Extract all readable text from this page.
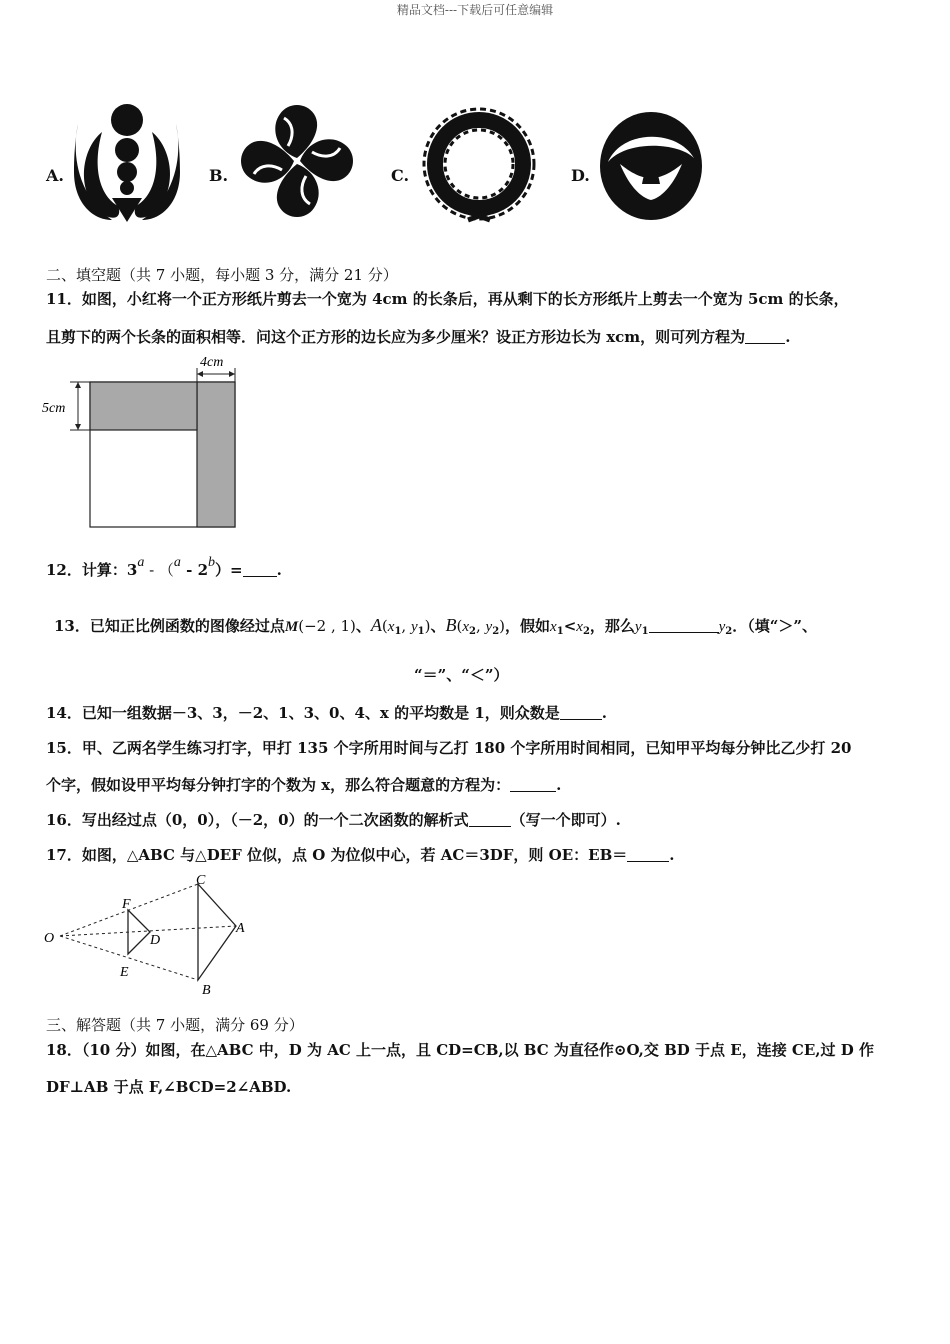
精品文档---下载后可任意编辑
A.	B.	C.	D.
二、填空题（共 7 小题，每小题 3 分，满分 21 分）
11．如图，小红将一个正方形纸片剪去一个宽为 4cm 的长条后，再从剩下的长方形纸片上剪去一个宽为 5cm 的长条，
且剪下的两个长条的面积相等．问这个正方形的边长应为多少厘米？设正方形边长为 xcm，则可列方程为	.
4cm
5cm
12．计算：3a - （a - 2b）= .
13．已知正比例函数的图像经过点M(−2 , 1)、$A(x_1$, $y_1$)、$B(x_2$, $y_2$)，假如$x_1<x_2$，那么$y_1$	$y_2$．（填“＞”、
“＝”、“＜”）
14．已知一组数据－3、3，－2、1、3、0、4、x 的平均数是 1，则众数是	.
15．甲、乙两名学生练习打字，甲打 135 个字所用时间与乙打 180 个字所用时间相同，已知甲平均每分钟比乙少打 20
个字，假如设甲平均每分钟打字的个数为 x，那么符合题意的方程为：	.
16．写出经过点（0，0），（－2，0）的一个二次函数的解析式	（写一个即可）.
17．如图，△ABC 与△DEF 位似，点 O 为位似中心，若 AC＝3DF，则 OE：EB＝	.
O
F
D
E
C
A
B
三、解答题（共 7 小题，满分 69 分）
18．（10 分）如图，在△ABC 中，D 为 AC 上一点，且 CD=CB,以 BC 为直径作⊙O,交 BD 于点 E，连接 CE,过 D 作
DF⊥AB 于点 F,∠BCD=2∠ABD.
